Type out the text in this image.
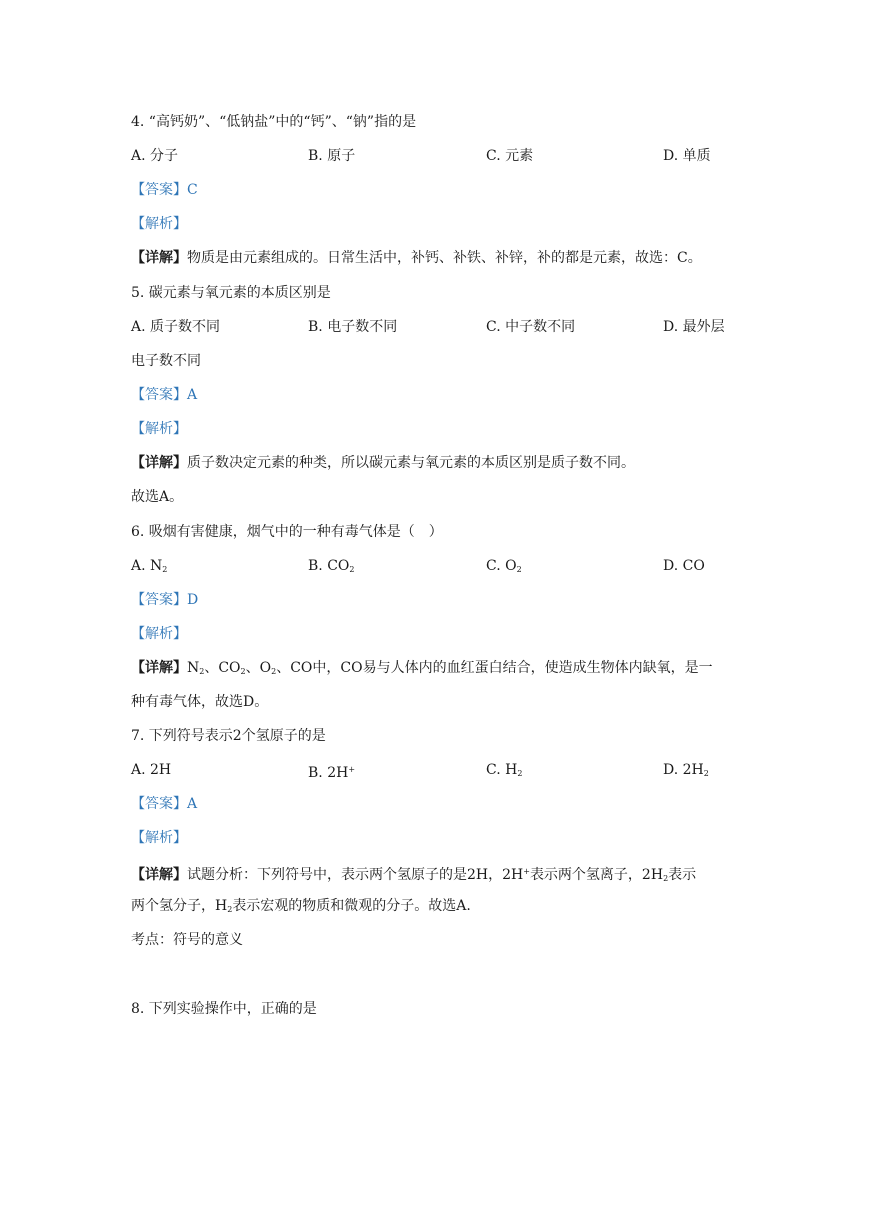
4. “高钙奶”、“低钠盐”中的“钙”、“钠”指的是
A. 分子	B. 原子	C. 元素	D. 单质
【答案】C
【解析】
【详解】物质是由元素组成的。日常生活中，补钙、补铁、补锌，补的都是元素，故选：C。
5. 碳元素与氧元素的本质区别是
A. 质子数不同	B. 电子数不同	C. 中子数不同	D. 最外层
电子数不同
【答案】A
【解析】
【详解】质子数决定元素的种类，所以碳元素与氧元素的本质区别是质子数不同。
故选A。
6. 吸烟有害健康，烟气中的一种有毒气体是（　）
A. $N_2$	B. $CO_2$	C. $O_2$	D. CO
【答案】D
【解析】
【详解】$N_2$、$CO_2$、$O_2$、CO中，CO易与人体内的血红蛋白结合，使造成生物体内缺氧，是一
种有毒气体，故选D。
7. 下列符号表示2个氢原子的是
A. 2H	B. 2H+	C. $H_2$	D. $2H_2$
【答案】A
【解析】
【详解】试题分析：下列符号中，表示两个氢原子的是2H，2H+表示两个氢离子，$2H_2$表示
两个氢分子，$H_2$表示宏观的物质和微观的分子。故选A.
考点：符号的意义
8. 下列实验操作中，正确的是
